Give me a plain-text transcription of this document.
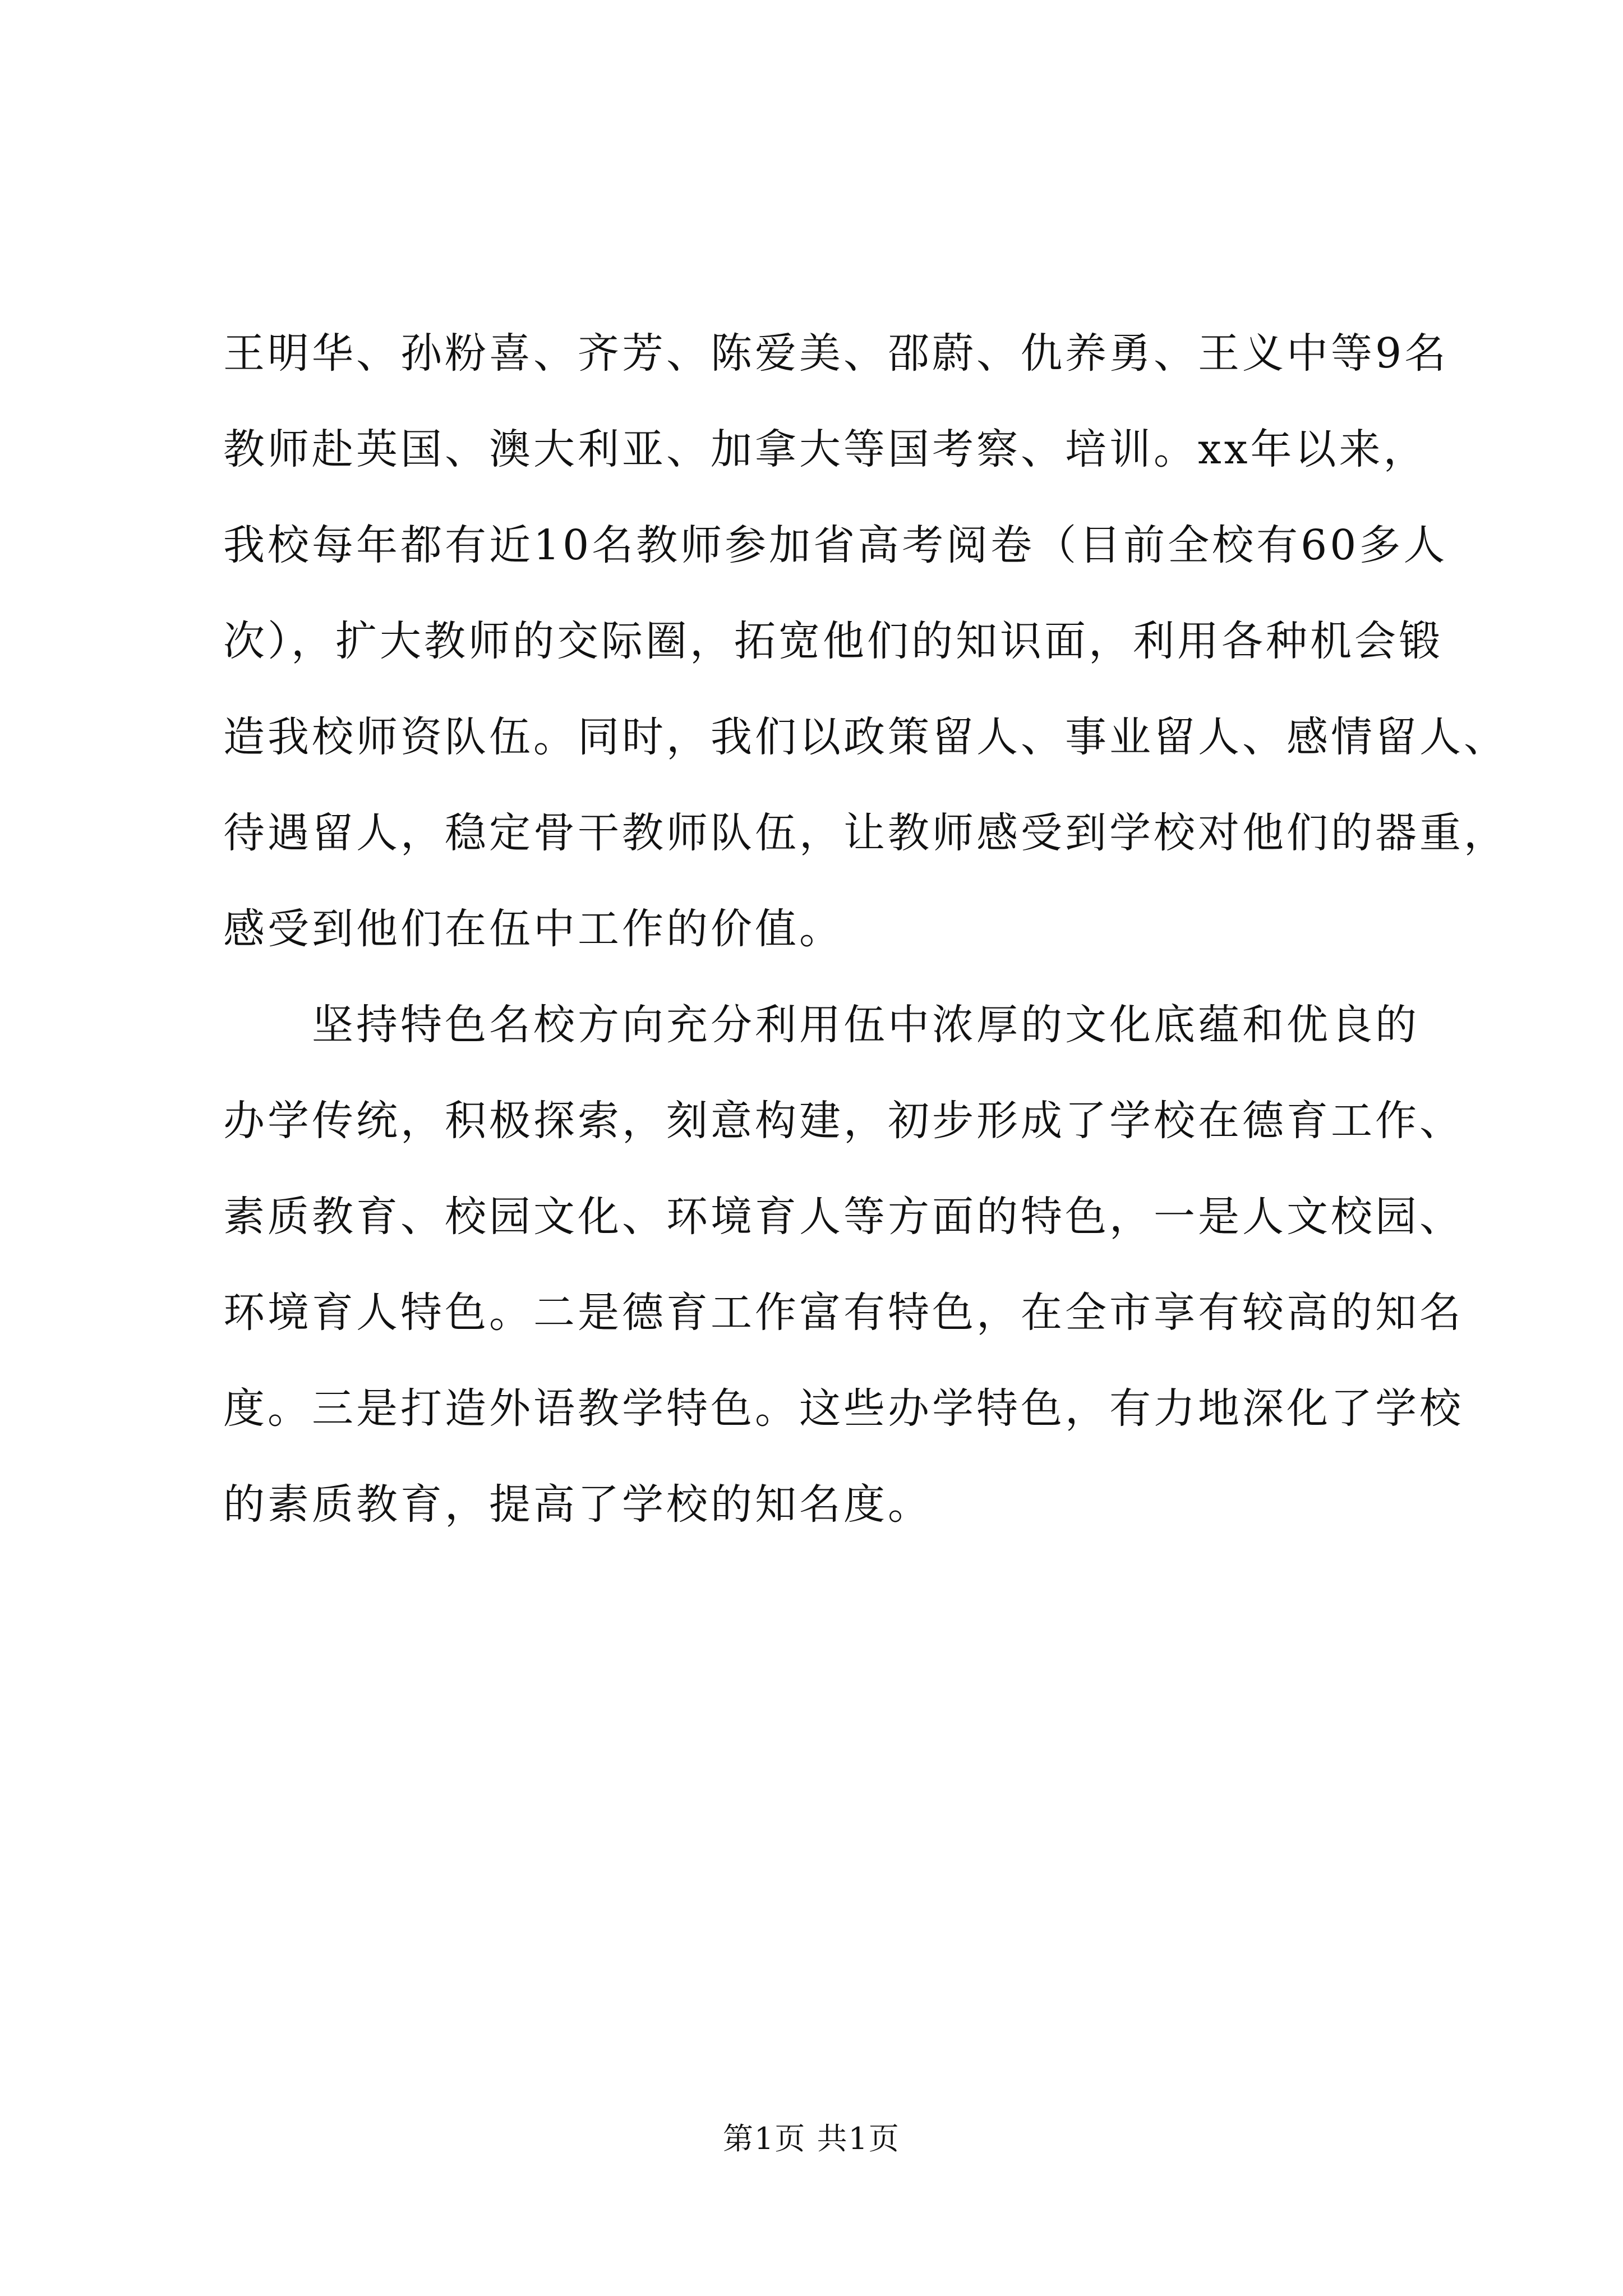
王明华、孙粉喜、齐芳、陈爱美、邵蔚、仇养勇、王义中等9名
教师赴英国、澳大利亚、加拿大等国考察、培训。xx年以来，
我校每年都有近10名教师参加省高考阅卷（目前全校有60多人
次），扩大教师的交际圈，拓宽他们的知识面，利用各种机会锻
造我校师资队伍。同时，我们以政策留人、事业留人、感情留人、
待遇留人，稳定骨干教师队伍，让教师感受到学校对他们的器重，
感受到他们在伍中工作的价值。
坚持特色名校方向充分利用伍中浓厚的文化底蕴和优良的
办学传统，积极探索，刻意构建，初步形成了学校在德育工作、
素质教育、校园文化、环境育人等方面的特色，一是人文校园、
环境育人特色。二是德育工作富有特色，在全市享有较高的知名
度。三是打造外语教学特色。这些办学特色，有力地深化了学校
的素质教育，提高了学校的知名度。
第1页 共1页
